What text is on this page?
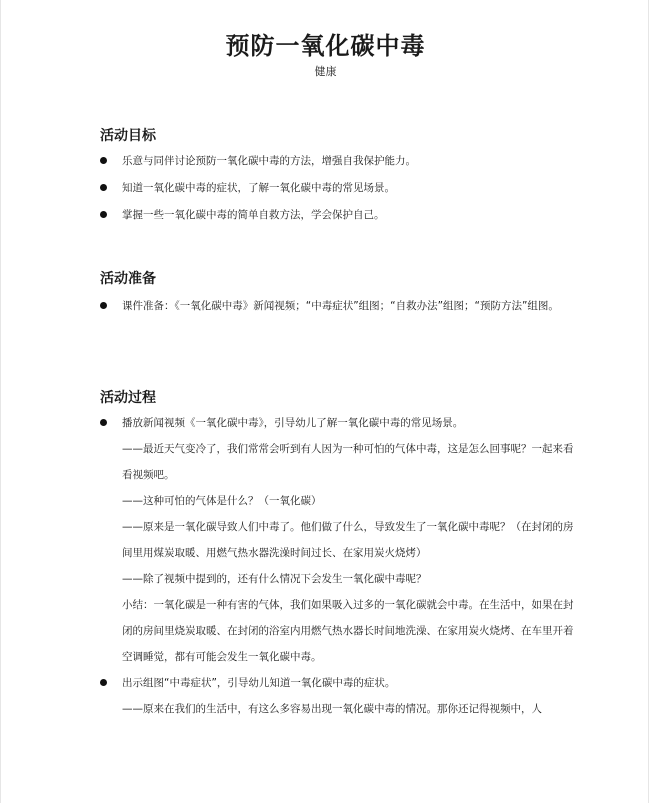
预防一氧化碳中毒
健康
活动目标
乐意与同伴讨论预防一氧化碳中毒的方法，增强自我保护能力。
知道一氧化碳中毒的症状，了解一氧化碳中毒的常见场景。
掌握一些一氧化碳中毒的简单自救方法，学会保护自己。
活动准备
课件准备：《一氧化碳中毒》新闻视频；“中毒症状”组图；“自救办法”组图；“预防方法”组图。
活动过程
播放新闻视频《一氧化碳中毒》，引导幼儿了解一氧化碳中毒的常见场景。
——最近天气变冷了，我们常常会听到有人因为一种可怕的气体中毒，这是怎么回事呢？一起来看看视频吧。
——这种可怕的气体是什么？（一氧化碳）
——原来是一氧化碳导致人们中毒了。他们做了什么，导致发生了一氧化碳中毒呢？（在封闭的房间里用煤炭取暖、用燃气热水器洗澡时间过长、在家用炭火烧烤）
——除了视频中提到的，还有什么情况下会发生一氧化碳中毒呢？
小结：一氧化碳是一种有害的气体，我们如果吸入过多的一氧化碳就会中毒。在生活中，如果在封闭的房间里烧炭取暖、在封闭的浴室内用燃气热水器长时间地洗澡、在家用炭火烧烤、在车里开着空调睡觉，都有可能会发生一氧化碳中毒。
出示组图“中毒症状”，引导幼儿知道一氧化碳中毒的症状。
——原来在我们的生活中，有这么多容易出现一氧化碳中毒的情况。那你还记得视频中，人
